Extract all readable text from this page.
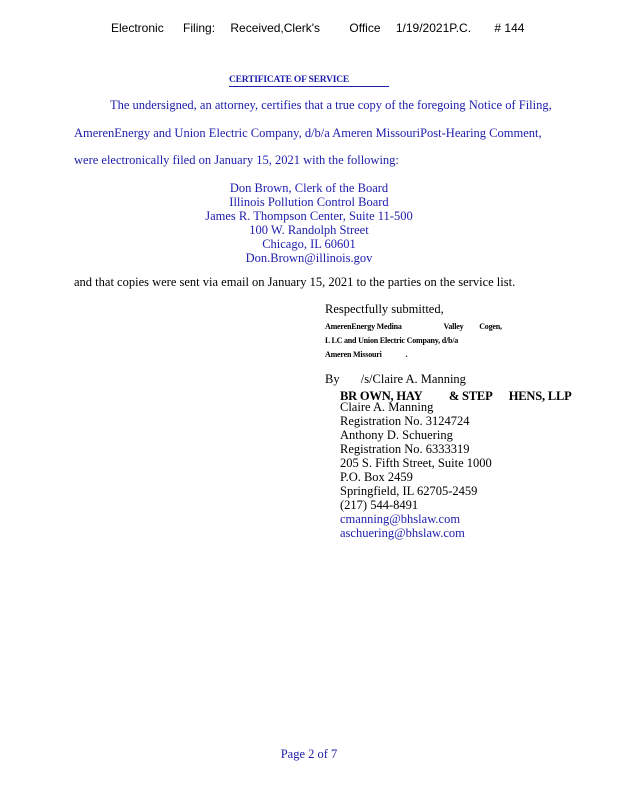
Electronic Filing: Received,Clerk's Office 1/19/2021P.C. # 144
CERTIFICATE OF SERVICE
The undersigned, an attorney, certifies that a true copy of the foregoing Notice of Filing,
AmerenEnergy and Union Electric Company, d/b/a Ameren MissouriPost-Hearing Comment,
were electronically filed on January 15, 2021 with the following:
Don Brown, Clerk of the Board
Illinois Pollution Control Board
James R. Thompson Center, Suite 11-500
100 W. Randolph Street
Chicago, IL 60601
Don.Brown@illinois.gov
and that copies were sent via email on January 15, 2021 to the parties on the service list.
Respectfully submitted,
AmerenEnergy Medina	Valley Cogen,
L LC and Union Electric Company, d/b/a
Ameren Missouri	.
By /s/Claire A. Manning
BR OWN, HAY & STEP HENS, LLP
Claire A. Manning
Registration No. 3124724
Anthony D. Schuering
Registration No. 6333319
205 S. Fifth Street, Suite 1000
P.O. Box 2459
Springfield, IL 62705-2459
(217) 544-8491
cmanning@bhslaw.com
aschuering@bhslaw.com
Page 2 of 7
